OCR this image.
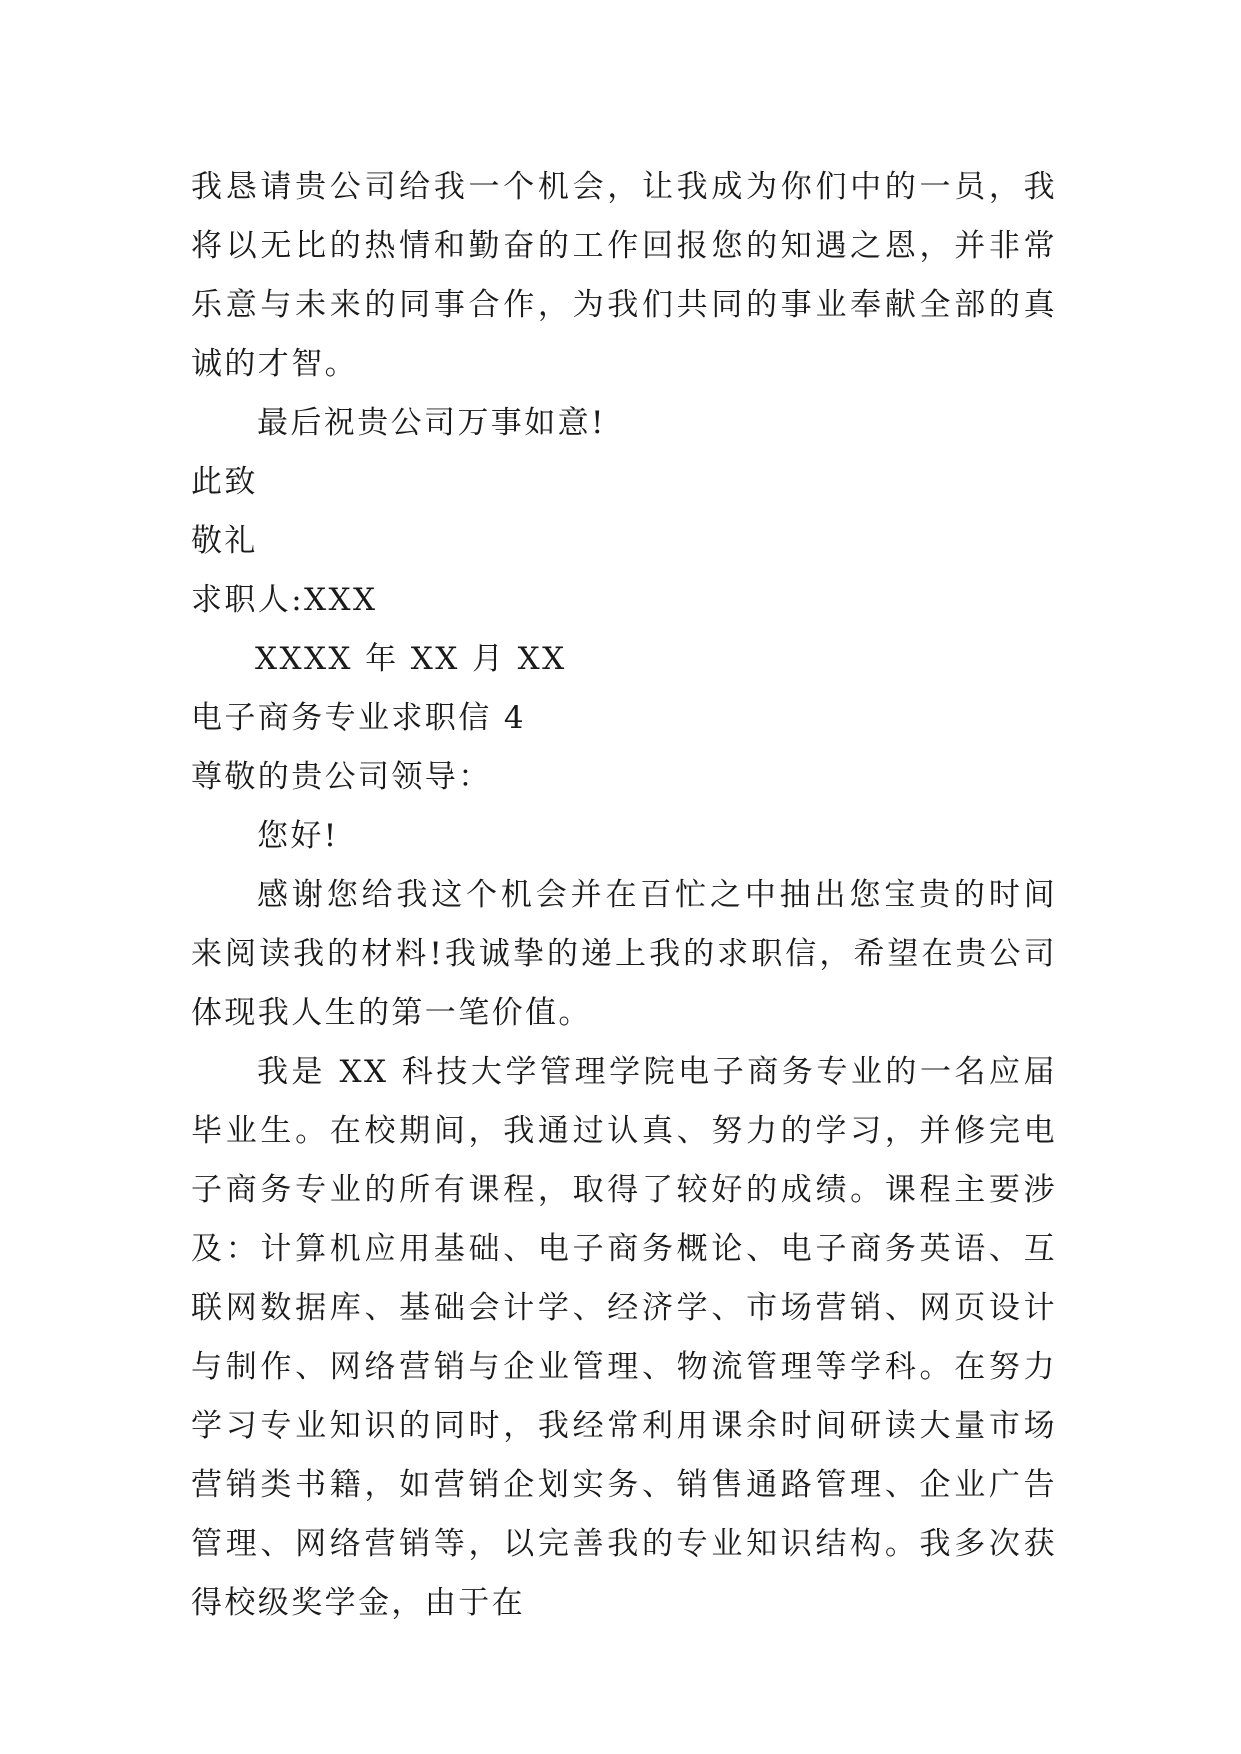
我恳请贵公司给我一个机会，让我成为你们中的一员，我将以无比的热情和勤奋的工作回报您的知遇之恩，并非常乐意与未来的同事合作，为我们共同的事业奉献全部的真诚的才智。

最后祝贵公司万事如意!

此致

敬礼

求职人:XXX

XXXX 年 XX 月 XX

电子商务专业求职信 4

尊敬的贵公司领导：

您好!

感谢您给我这个机会并在百忙之中抽出您宝贵的时间来阅读我的材料!我诚挚的递上我的求职信，希望在贵公司体现我人生的第一笔价值。

我是 XX 科技大学管理学院电子商务专业的一名应届毕业生。在校期间，我通过认真、努力的学习，并修完电子商务专业的所有课程，取得了较好的成绩。课程主要涉及：计算机应用基础、电子商务概论、电子商务英语、互联网数据库、基础会计学、经济学、市场营销、网页设计与制作、网络营销与企业管理、物流管理等学科。在努力学习专业知识的同时，我经常利用课余时间研读大量市场营销类书籍，如营销企划实务、销售通路管理、企业广告管理、网络营销等，以完善我的专业知识结构。我多次获得校级奖学金，由于在
